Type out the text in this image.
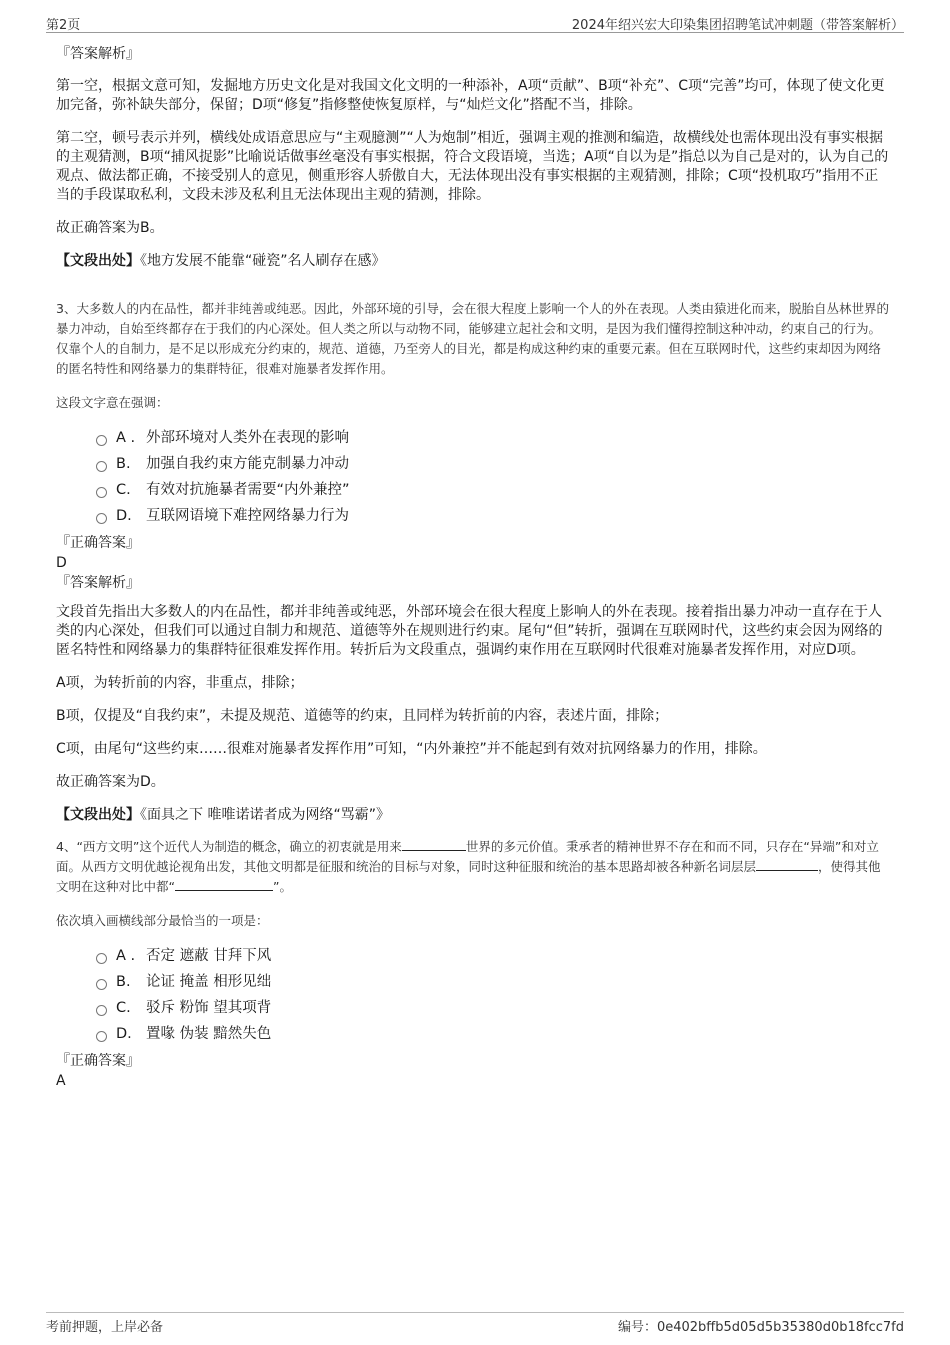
第2页	2024年绍兴宏大印染集团招聘笔试冲刺题（带答案解析）
『答案解析』

第一空，根据文意可知，发掘地方历史文化是对我国文化文明的一种添补，A项“贡献”、B项“补充”、C项“完善”均可，体现了使文化更加完备，弥补缺失部分，保留；D项“修复”指修整使恢复原样，与“灿烂文化”搭配不当，排除。

第二空，顿号表示并列，横线处成语意思应与“主观臆测”“人为炮制”相近，强调主观的推测和编造，故横线处也需体现出没有事实根据的主观猜测，B项“捕风捉影”比喻说话做事丝毫没有事实根据，符合文段语境，当选；A项“自以为是”指总以为自己是对的，认为自己的观点、做法都正确，不接受别人的意见，侧重形容人骄傲自大，无法体现出没有事实根据的主观猜测，排除；C项“投机取巧”指用不正当的手段谋取私利，文段未涉及私利且无法体现出主观的猜测，排除。

故正确答案为B。

【文段出处】《地方发展不能靠“碰瓷”名人刷存在感》

3、大多数人的内在品性，都并非纯善或纯恶。因此，外部环境的引导，会在很大程度上影响一个人的外在表现。人类由猿进化而来，脱胎自丛林世界的暴力冲动，自始至终都存在于我们的内心深处。但人类之所以与动物不同，能够建立起社会和文明，是因为我们懂得控制这种冲动，约束自己的行为。仅靠个人的自制力，是不足以形成充分约束的，规范、道德，乃至旁人的目光，都是构成这种约束的重要元素。但在互联网时代，这些约束却因为网络的匿名特性和网络暴力的集群特征，很难对施暴者发挥作用。

这段文字意在强调：

A . 外部环境对人类外在表现的影响
B.	加强自我约束方能克制暴力冲动
C.	有效对抗施暴者需要“内外兼控”
D. 互联网语境下难控网络暴力行为
『正确答案』
D
『答案解析』

文段首先指出大多数人的内在品性，都并非纯善或纯恶，外部环境会在很大程度上影响人的外在表现。接着指出暴力冲动一直存在于人类的内心深处，但我们可以通过自制力和规范、道德等外在规则进行约束。尾句“但”转折，强调在互联网时代，这些约束会因为网络的匿名特性和网络暴力的集群特征很难发挥作用。转折后为文段重点，强调约束作用在互联网时代很难对施暴者发挥作用，对应D项。

A项，为转折前的内容，非重点，排除；

B项，仅提及“自我约束”，未提及规范、道德等的约束，且同样为转折前的内容，表述片面，排除；

C项，由尾句“这些约束……很难对施暴者发挥作用”可知，“内外兼控”并不能起到有效对抗网络暴力的作用，排除。

故正确答案为D。

【文段出处】《面具之下 唯唯诺诺者成为网络“骂霸”》

4、“西方文明”这个近代人为制造的概念，确立的初衷就是用来	世界的多元价值。秉承者的精神世界不存在和而不同，只存在“异端”和对立面。从西方文明优越论视角出发，其他文明都是征服和统治的目标与对象，同时这种征服和统治的基本思路却被各种新名词层层	，使得其他文明在这种对比中都“	”。

依次填入画横线部分最恰当的一项是：

A . 否定 遮蔽 甘拜下风
B.	论证 掩盖 相形见绌
C.	驳斥 粉饰 望其项背
D. 置喙 伪装 黯然失色
『正确答案』
A
考前押题，上岸必备	编号：0e402bffb5d05d5b35380d0b18fcc7fd
